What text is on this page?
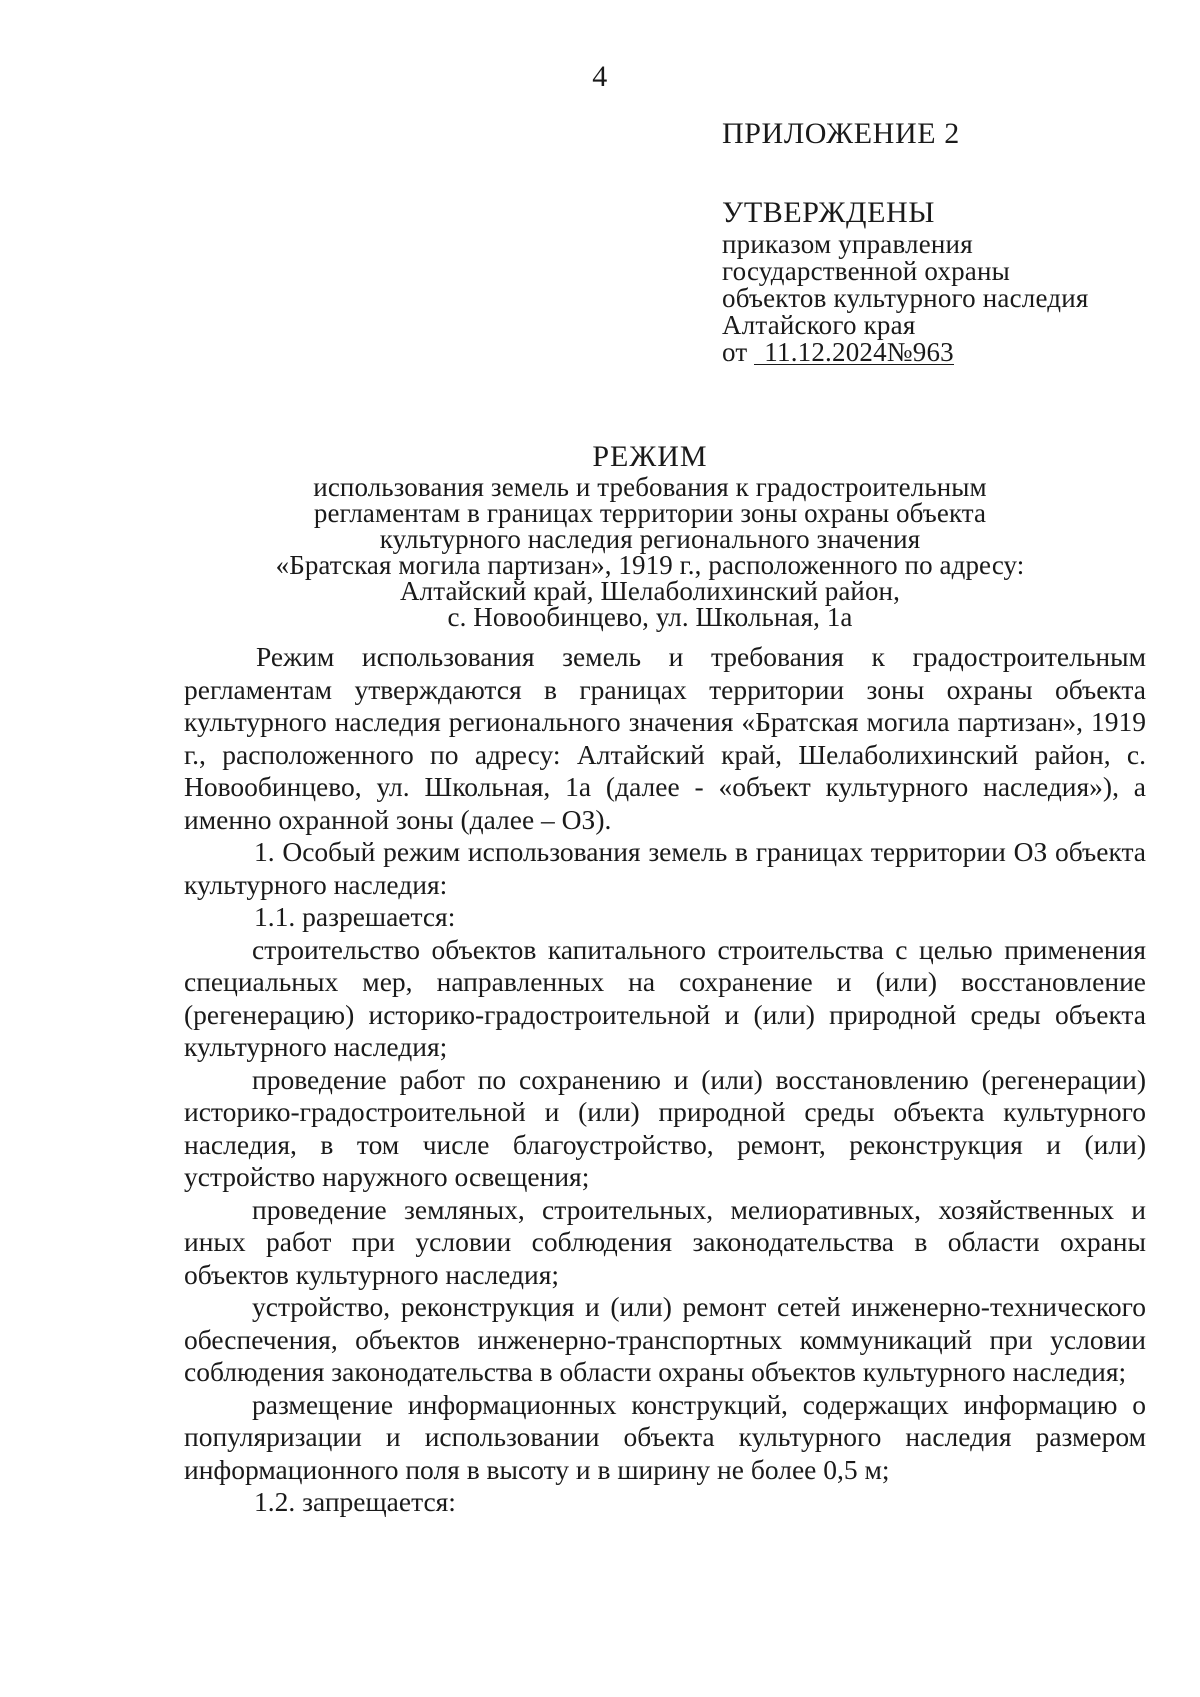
4
ПРИЛОЖЕНИЕ 2
УТВЕРЖДЕНЫ
приказом управления
государственной охраны
объектов культурного наследия
Алтайского края
от 11.12.2024№963
РЕЖИМ
использования земель и требования к градостроительным
регламентам в границах территории зоны охраны объекта
культурного наследия регионального значения
«Братская могила партизан», 1919 г., расположенного по адресу:
Алтайский край, Шелаболихинский район,
с. Новообинцево, ул. Школьная, 1а

Режим использования земель и требования к градостроительным регламентам утверждаются в границах территории зоны охраны объекта культурного наследия регионального значения «Братская могила партизан», 1919 г., расположенного по адресу: Алтайский край, Шелаболихинский район, с. Новообинцево, ул. Школьная, 1а (далее - «объект культурного наследия»), а именно охранной зоны (далее – ОЗ).

1. Особый режим использования земель в границах территории ОЗ объекта культурного наследия:

1.1. разрешается:

строительство объектов капитального строительства с целью применения специальных мер, направленных на сохранение и (или) восстановление (регенерацию) историко-градостроительной и (или) природной среды объекта культурного наследия;

проведение работ по сохранению и (или) восстановлению (регенерации) историко-градостроительной и (или) природной среды объекта культурного наследия, в том числе благоустройство, ремонт, реконструкция и (или) устройство наружного освещения;

проведение земляных, строительных, мелиоративных, хозяйственных и иных работ при условии соблюдения законодательства в области охраны объектов культурного наследия;

устройство, реконструкция и (или) ремонт сетей инженерно-технического обеспечения, объектов инженерно-транспортных коммуникаций при условии соблюдения законодательства в области охраны объектов культурного наследия;

размещение информационных конструкций, содержащих информацию о популяризации и использовании объекта культурного наследия размером информационного поля в высоту и в ширину не более 0,5 м;

1.2. запрещается:
